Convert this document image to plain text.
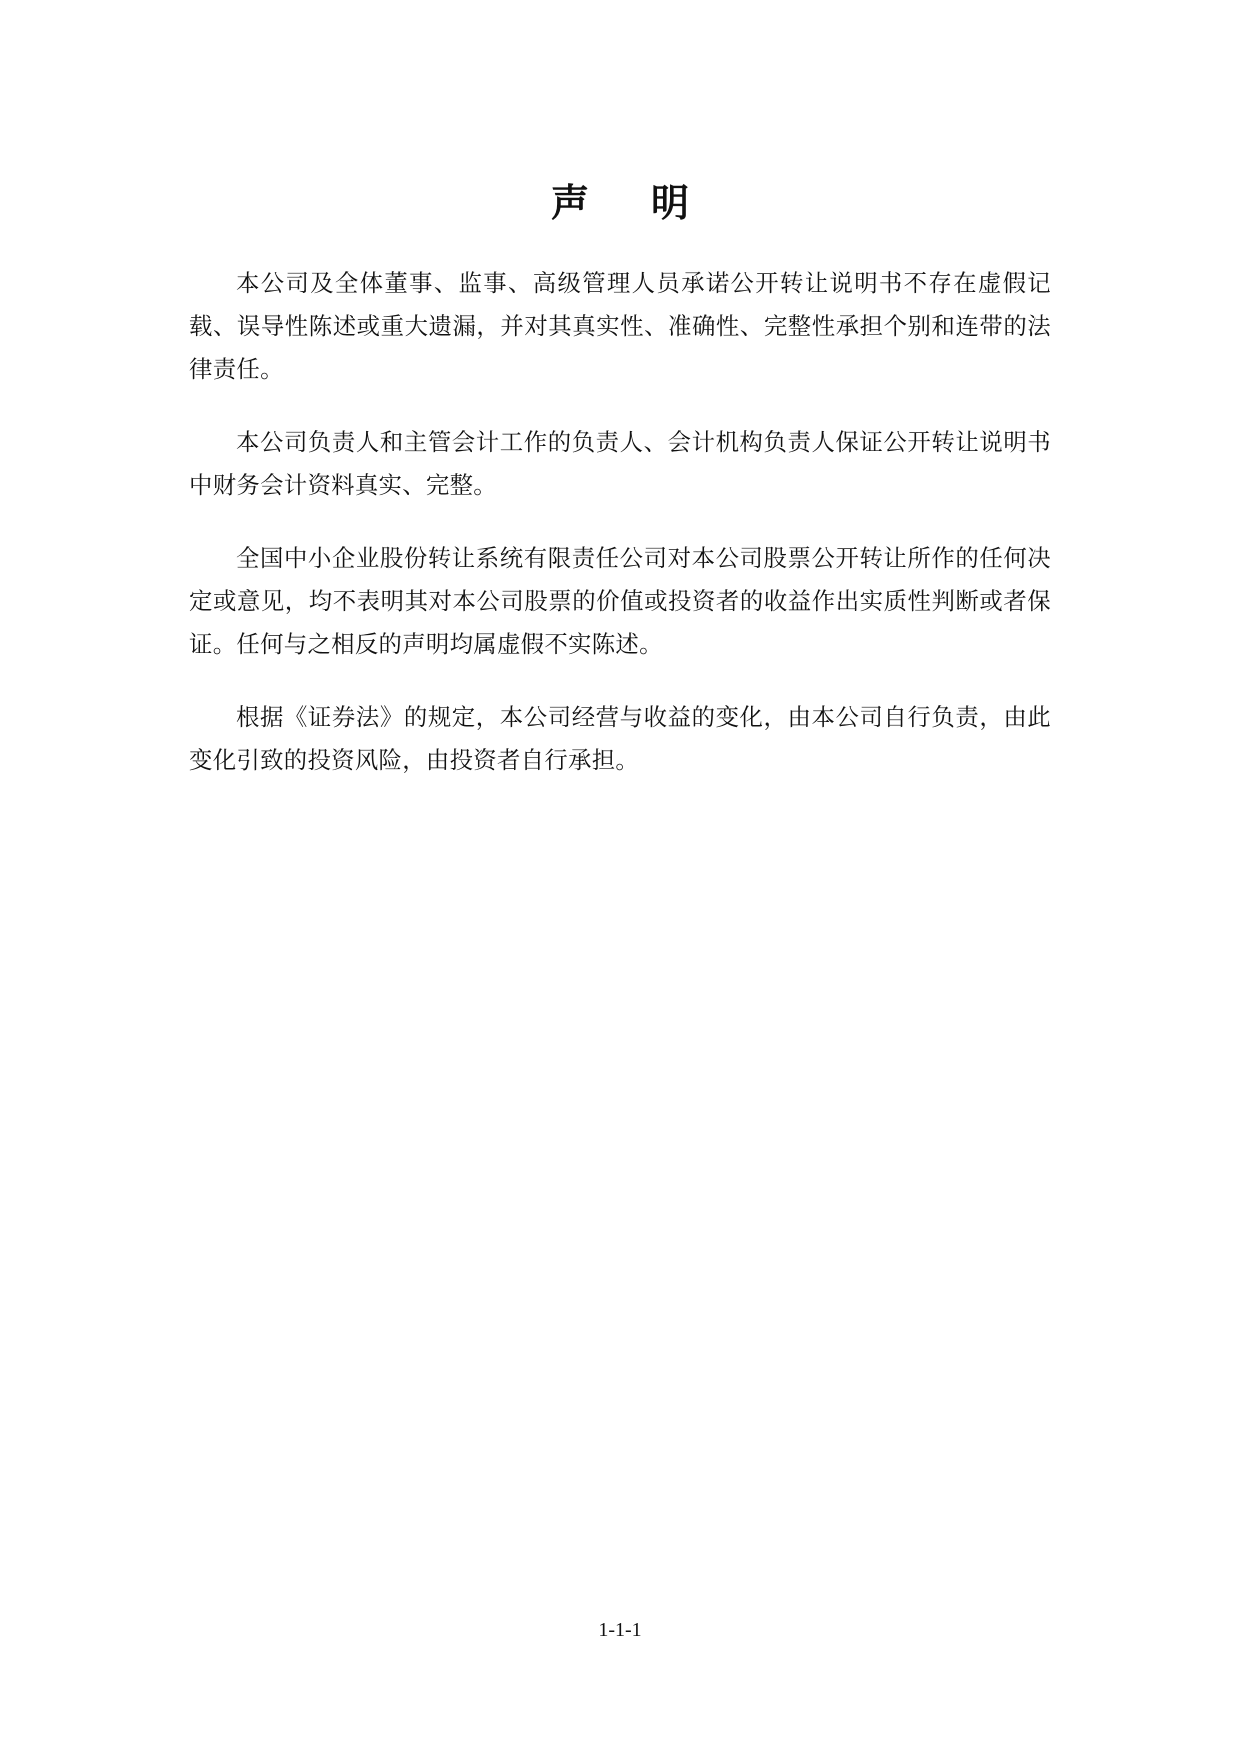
声明

本公司及全体董事、监事、高级管理人员承诺公开转让说明书不存在虚假记载、误导性陈述或重大遗漏，并对其真实性、准确性、完整性承担个别和连带的法律责任。

本公司负责人和主管会计工作的负责人、会计机构负责人保证公开转让说明书中财务会计资料真实、完整。

全国中小企业股份转让系统有限责任公司对本公司股票公开转让所作的任何决定或意见，均不表明其对本公司股票的价值或投资者的收益作出实质性判断或者保证。任何与之相反的声明均属虚假不实陈述。

根据《证券法》的规定，本公司经营与收益的变化，由本公司自行负责，由此变化引致的投资风险，由投资者自行承担。

1-1-1
